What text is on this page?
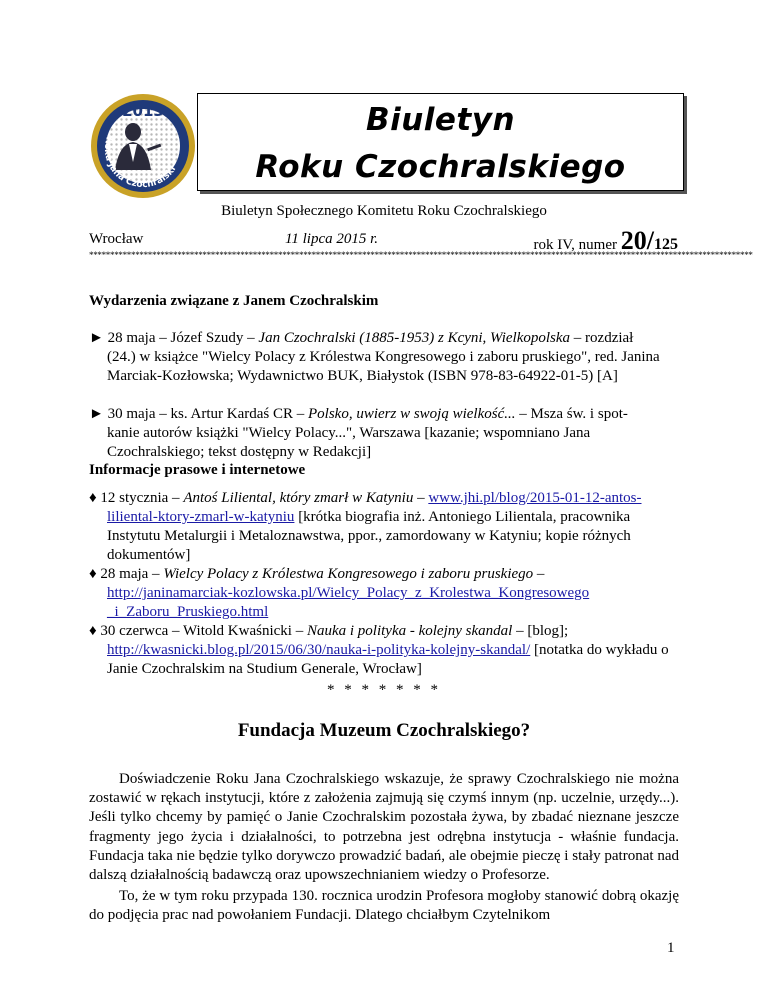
2013
Roku Jana Czochralski
Biuletyn
Roku Czochralskiego
Biuletyn Społecznego Komitetu Roku Czochralskiego
Wrocław	11 lipca 2015 r.	rok IV, numer 20/125
**************************************************************************************************************************************************************
Wydarzenia związane z Janem Czochralskim
► 28 maja – Józef Szudy – Jan Czochralski (1885-1953) z Kcyni, Wielkopolska – rozdział
(24.) w książce "Wielcy Polacy z Królestwa Kongresowego i zaboru pruskiego", red. Janina Marciak-Kozłowska; Wydawnictwo BUK, Białystok (ISBN 978-83-64922-01-5) [A]
► 30 maja – ks. Artur Kardaś CR – Polsko, uwierz w swoją wielkość... – Msza św. i spot-
kanie autorów książki "Wielcy Polacy...", Warszawa [kazanie; wspomniano Jana Czochralskiego; tekst dostępny w Redakcji]
Informacje prasowe i internetowe
♦ 12 stycznia – Antoś Liliental, który zmarł w Katyniu – www.jhi.pl/blog/2015-01-12-antos-
liliental-ktory-zmarl-w-katyniu [krótka biografia inż. Antoniego Lilientala, pracownika Instytutu Metalurgii i Metaloznawstwa, ppor., zamordowany w Katyniu; kopie różnych dokumentów]
♦ 28 maja – Wielcy Polacy z Królestwa Kongresowego i zaboru pruskiego –
http://janinamarciak-kozlowska.pl/Wielcy_Polacy_z_Krolestwa_Kongresowego
_i_Zaboru_Pruskiego.html
♦ 30 czerwca – Witold Kwaśnicki – Nauka i polityka - kolejny skandal – [blog];
http://kwasnicki.blog.pl/2015/06/30/nauka-i-polityka-kolejny-skandal/ [notatka do wykładu o Janie Czochralskim na Studium Generale, Wrocław]
* * * * * * *
Fundacja Muzeum Czochralskiego?
Doświadczenie Roku Jana Czochralskiego wskazuje, że sprawy Czochralskiego nie można zostawić w rękach instytucji, które z założenia zajmują się czymś innym (np. uczelnie, urzędy...). Jeśli tylko chcemy by pamięć o Janie Czochralskim pozostała żywa, by zbadać nieznane jeszcze fragmenty jego życia i działalności, to potrzebna jest odrębna instytucja - właśnie fundacja. Fundacja taka nie będzie tylko dorywczo prowadzić badań, ale obejmie pieczę i stały patronat nad dalszą działalnością badawczą oraz upowszechnianiem wiedzy o Profesorze.
To, że w tym roku przypada 130. rocznica urodzin Profesora mogłoby stanowić dobrą okazję do podjęcia prac nad powołaniem Fundacji. Dlatego chciałbym Czytelnikom
1
